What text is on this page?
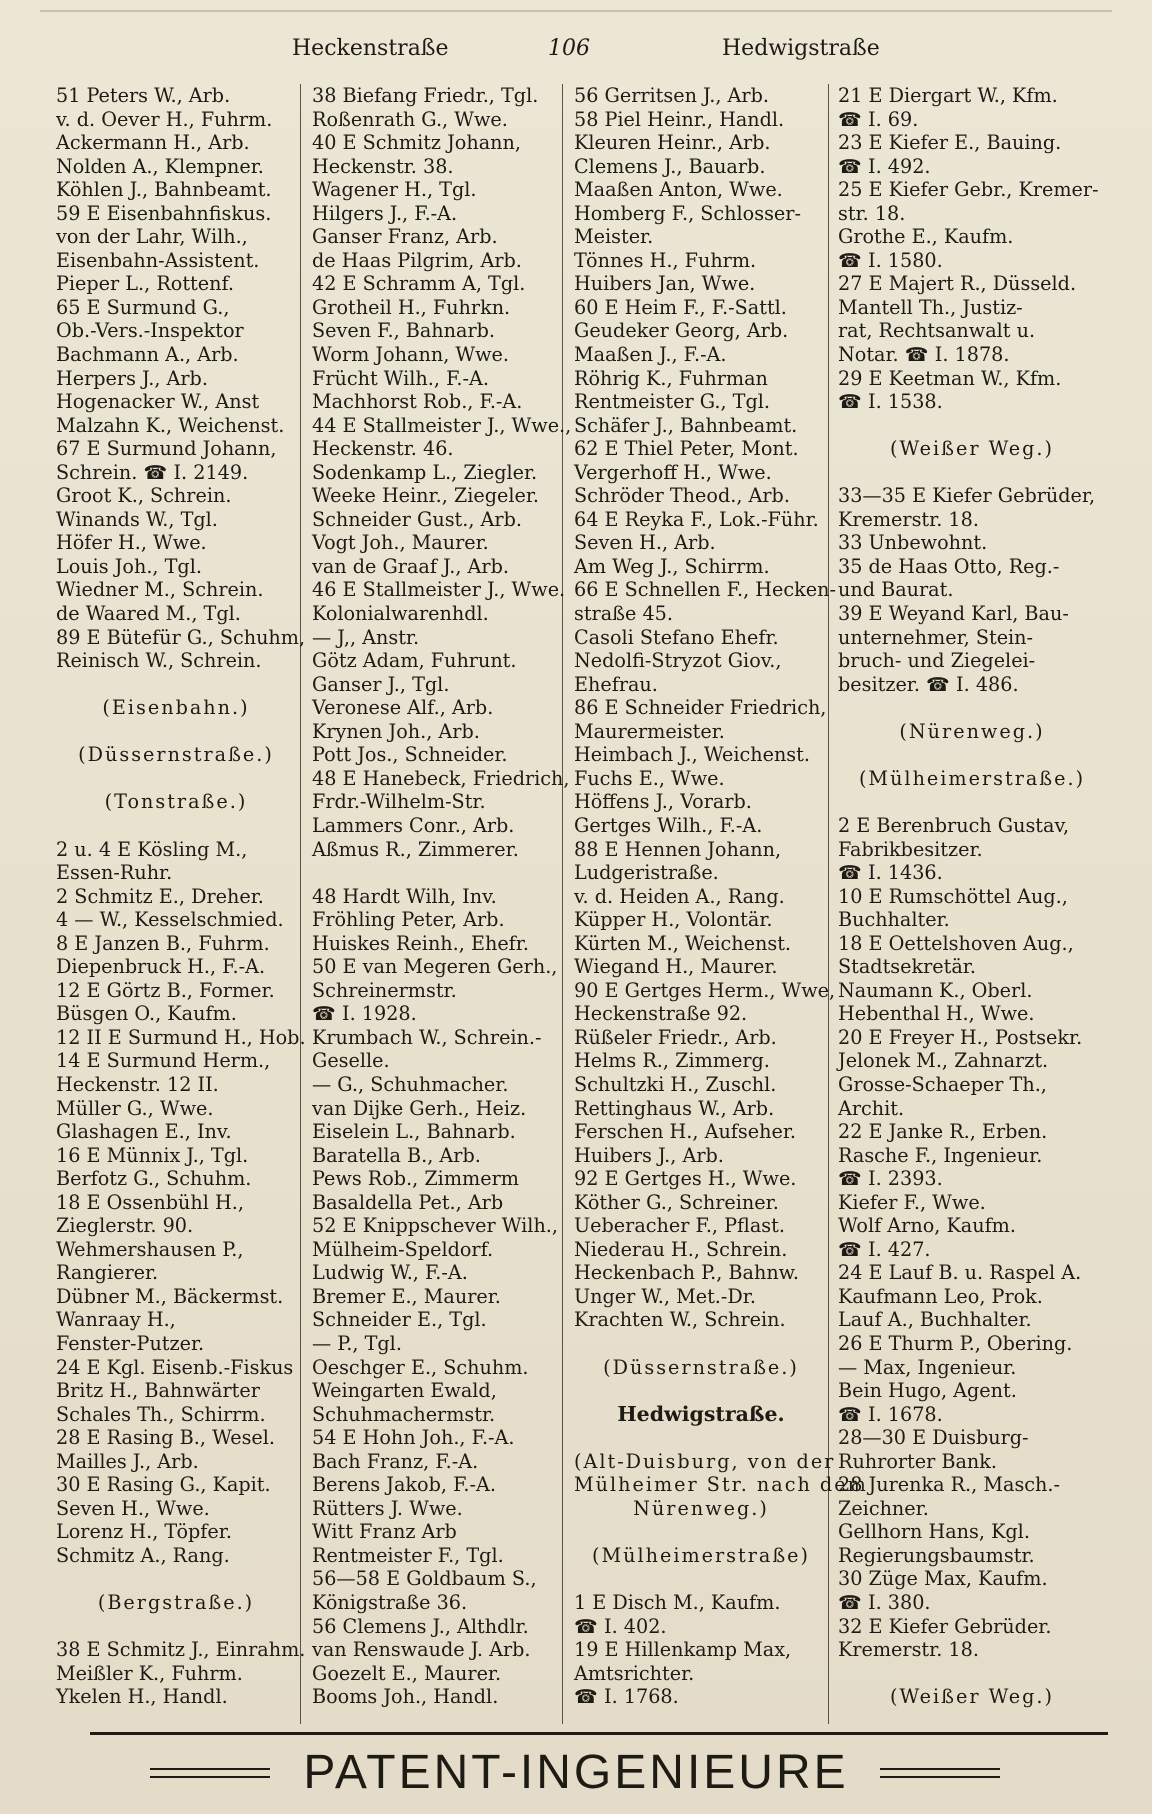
Heckenstraße	106	Hedwigstraße
51 Peters W., Arb.
v. d. Oever H., Fuhrm.
Ackermann H., Arb.
Nolden A., Klempner.
Köhlen J., Bahnbeamt.
59 E Eisenbahnfiskus.
von der Lahr, Wilh.,
Eisenbahn-Assistent.
Pieper L., Rottenf.
65 E Surmund G.,
Ob.-Vers.-Inspektor
Bachmann A., Arb.
Herpers J., Arb.
Hogenacker W., Anst
Malzahn K., Weichenst.
67 E Surmund Johann,
Schrein. ☎ I. 2149.
Groot K., Schrein.
Winands W., Tgl.
Höfer H., Wwe.
Louis Joh., Tgl.
Wiedner M., Schrein.
de Waared M., Tgl.
89 E Bütefür G., Schuhm,
Reinisch W., Schrein.
(Eisenbahn.)
(Düssernstraße.)
(Tonstraße.)
2 u. 4 E Kösling M.,
Essen-Ruhr.
2 Schmitz E., Dreher.
4 — W., Kesselschmied.
8 E Janzen B., Fuhrm.
Diepenbruck H., F.-A.
12 E Görtz B., Former.
Büsgen O., Kaufm.
12 II E Surmund H., Hob.
14 E Surmund Herm.,
Heckenstr. 12 II.
Müller G., Wwe.
Glashagen E., Inv.
16 E Münnix J., Tgl.
Berfotz G., Schuhm.
18 E Ossenbühl H.,
Zieglerstr. 90.
Wehmershausen P.,
Rangierer.
Dübner M., Bäckermst.
Wanraay H.,
Fenster-Putzer.
24 E Kgl. Eisenb.-Fiskus
Britz H., Bahnwärter
Schales Th., Schirrm.
28 E Rasing B., Wesel.
Mailles J., Arb.
30 E Rasing G., Kapit.
Seven H., Wwe.
Lorenz H., Töpfer.
Schmitz A., Rang.
(Bergstraße.)
38 E Schmitz J., Einrahm.
Meißler K., Fuhrm.
Ykelen H., Handl.
38 Biefang Friedr., Tgl.
Roßenrath G., Wwe.
40 E Schmitz Johann,
Heckenstr. 38.
Wagener H., Tgl.
Hilgers J., F.-A.
Ganser Franz, Arb.
de Haas Pilgrim, Arb.
42 E Schramm A, Tgl.
Grotheil H., Fuhrkn.
Seven F., Bahnarb.
Worm Johann, Wwe.
Frücht Wilh., F.-A.
Machhorst Rob., F.-A.
44 E Stallmeister J., Wwe.,
Heckenstr. 46.
Sodenkamp L., Ziegler.
Weeke Heinr., Ziegeler.
Schneider Gust., Arb.
Vogt Joh., Maurer.
van de Graaf J., Arb.
46 E Stallmeister J., Wwe.
Kolonialwarenhdl.
— J,, Anstr.
Götz Adam, Fuhrunt.
Ganser J., Tgl.
Veronese Alf., Arb.
Krynen Joh., Arb.
Pott Jos., Schneider.
48 E Hanebeck, Friedrich,
Frdr.-Wilhelm-Str.
Lammers Conr., Arb.
Aßmus R., Zimmerer.
48 Hardt Wilh, Inv.
Fröhling Peter, Arb.
Huiskes Reinh., Ehefr.
50 E van Megeren Gerh.,
Schreinermstr.
☎ I. 1928.
Krumbach W., Schrein.-
Geselle.
— G., Schuhmacher.
van Dijke Gerh., Heiz.
Eiselein L., Bahnarb.
Baratella B., Arb.
Pews Rob., Zimmerm
Basaldella Pet., Arb
52 E Knippschever Wilh.,
Mülheim-Speldorf.
Ludwig W., F.-A.
Bremer E., Maurer.
Schneider E., Tgl.
— P., Tgl.
Oeschger E., Schuhm.
Weingarten Ewald,
Schuhmachermstr.
54 E Hohn Joh., F.-A.
Bach Franz, F.-A.
Berens Jakob, F.-A.
Rütters J. Wwe.
Witt Franz Arb
Rentmeister F., Tgl.
56—58 E Goldbaum S.,
Königstraße 36.
56 Clemens J., Althdlr.
van Renswaude J. Arb.
Goezelt E., Maurer.
Booms Joh., Handl.
56 Gerritsen J., Arb.
58 Piel Heinr., Handl.
Kleuren Heinr., Arb.
Clemens J., Bauarb.
Maaßen Anton, Wwe.
Homberg F., Schlosser-
Meister.
Tönnes H., Fuhrm.
Huibers Jan, Wwe.
60 E Heim F., F.-Sattl.
Geudeker Georg, Arb.
Maaßen J., F.-A.
Röhrig K., Fuhrman
Rentmeister G., Tgl.
Schäfer J., Bahnbeamt.
62 E Thiel Peter, Mont.
Vergerhoff H., Wwe.
Schröder Theod., Arb.
64 E Reyka F., Lok.-Führ.
Seven H., Arb.
Am Weg J., Schirrm.
66 E Schnellen F., Hecken-
straße 45.
Casoli Stefano Ehefr.
Nedolfi-Stryzot Giov.,
Ehefrau.
86 E Schneider Friedrich,
Maurermeister.
Heimbach J., Weichenst.
Fuchs E., Wwe.
Höffens J., Vorarb.
Gertges Wilh., F.-A.
88 E Hennen Johann,
Ludgeristraße.
v. d. Heiden A., Rang.
Küpper H., Volontär.
Kürten M., Weichenst.
Wiegand H., Maurer.
90 E Gertges Herm., Wwe,
Heckenstraße 92.
Rüßeler Friedr., Arb.
Helms R., Zimmerg.
Schultzki H., Zuschl.
Rettinghaus W., Arb.
Ferschen H., Aufseher.
Huibers J., Arb.
92 E Gertges H., Wwe.
Köther G., Schreiner.
Ueberacher F., Pflast.
Niederau H., Schrein.
Heckenbach P., Bahnw.
Unger W., Met.-Dr.
Krachten W., Schrein.
(Düssernstraße.)
Hedwigstraße.
(Alt-Duisburg, von der
Mülheimer Str. nach dem
Nürenweg.)
(Mülheimerstraße)
1 E Disch M., Kaufm.
☎ I. 402.
19 E Hillenkamp Max,
Amtsrichter.
☎ I. 1768.
21 E Diergart W., Kfm.
☎ I. 69.
23 E Kiefer E., Bauing.
☎ I. 492.
25 E Kiefer Gebr., Kremer-
str. 18.
Grothe E., Kaufm.
☎ I. 1580.
27 E Majert R., Düsseld.
Mantell Th., Justiz-
rat, Rechtsanwalt u.
Notar. ☎ I. 1878.
29 E Keetman W., Kfm.
☎ I. 1538.
(Weißer Weg.)
33—35 E Kiefer Gebrüder,
Kremerstr. 18.
33 Unbewohnt.
35 de Haas Otto, Reg.-
und Baurat.
39 E Weyand Karl, Bau-
unternehmer, Stein-
bruch- und Ziegelei-
besitzer. ☎ I. 486.
(Nürenweg.)
(Mülheimerstraße.)
2 E Berenbruch Gustav,
Fabrikbesitzer.
☎ I. 1436.
10 E Rumschöttel Aug.,
Buchhalter.
18 E Oettelshoven Aug.,
Stadtsekretär.
Naumann K., Oberl.
Hebenthal H., Wwe.
20 E Freyer H., Postsekr.
Jelonek M., Zahnarzt.
Grosse-Schaeper Th.,
Archit.
22 E Janke R., Erben.
Rasche F., Ingenieur.
☎ I. 2393.
Kiefer F., Wwe.
Wolf Arno, Kaufm.
☎ I. 427.
24 E Lauf B. u. Raspel A.
Kaufmann Leo, Prok.
Lauf A., Buchhalter.
26 E Thurm P., Obering.
— Max, Ingenieur.
Bein Hugo, Agent.
☎ I. 1678.
28—30 E Duisburg-
Ruhrorter Bank.
28 Jurenka R., Masch.-
Zeichner.
Gellhorn Hans, Kgl.
Regierungsbaumstr.
30 Züge Max, Kaufm.
☎ I. 380.
32 E Kiefer Gebrüder.
Kremerstr. 18.
(Weißer Weg.)
PATENT-INGENIEURE
